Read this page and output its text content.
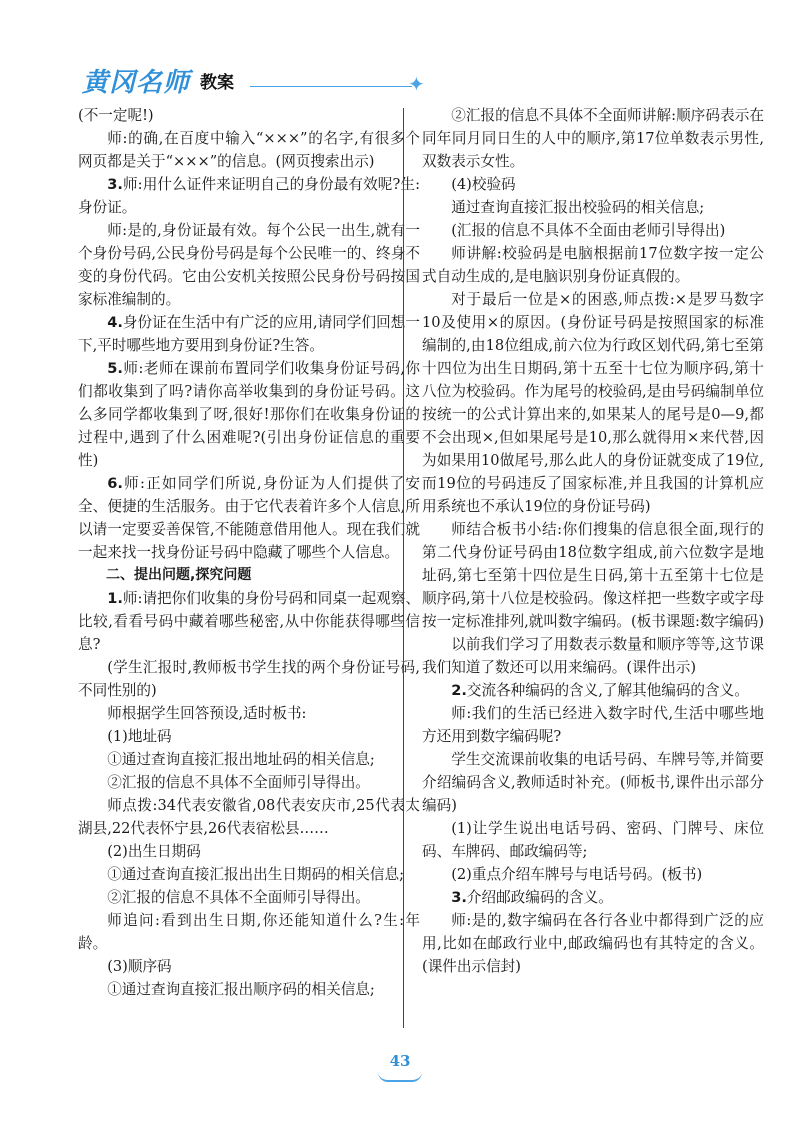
黄冈名师 教案	✦

(不一定呢!)

师:的确,在百度中输入“×××”的名字,有很多个网页都是关于“×××”的信息。(网页搜索出示)

3.师:用什么证件来证明自己的身份最有效呢?生:身份证。

师:是的,身份证最有效。每个公民一出生,就有一个身份号码,公民身份号码是每个公民唯一的、终身不变的身份代码。它由公安机关按照公民身份号码按国家标准编制的。

4.身份证在生活中有广泛的应用,请同学们回想一下,平时哪些地方要用到身份证?生答。

5.师:老师在课前布置同学们收集身份证号码,你们都收集到了吗?请你高举收集到的身份证号码。这么多同学都收集到了呀,很好!那你们在收集身份证的过程中,遇到了什么困难呢?(引出身份证信息的重要性)

6.师:正如同学们所说,身份证为人们提供了安全、便捷的生活服务。由于它代表着许多个人信息,所以请一定要妥善保管,不能随意借用他人。现在我们就一起来找一找身份证号码中隐藏了哪些个人信息。

二、提出问题,探究问题

1.师:请把你们收集的身份号码和同桌一起观察、比较,看看号码中藏着哪些秘密,从中你能获得哪些信息?

(学生汇报时,教师板书学生找的两个身份证号码,不同性别的)

师根据学生回答预设,适时板书:

(1)地址码

①通过查询直接汇报出地址码的相关信息;

②汇报的信息不具体不全面师引导得出。

师点拨:34代表安徽省,08代表安庆市,25代表太湖县,22代表怀宁县,26代表宿松县……

(2)出生日期码

①通过查询直接汇报出出生日期码的相关信息;

②汇报的信息不具体不全面师引导得出。

师追问:看到出生日期,你还能知道什么?生:年龄。

(3)顺序码

①通过查询直接汇报出顺序码的相关信息;

②汇报的信息不具体不全面师讲解:顺序码表示在同年同月同日生的人中的顺序,第17位单数表示男性,双数表示女性。

(4)校验码

通过查询直接汇报出校验码的相关信息;

(汇报的信息不具体不全面由老师引导得出)

师讲解:校验码是电脑根据前17位数字按一定公式自动生成的,是电脑识别身份证真假的。

对于最后一位是×的困惑,师点拨:×是罗马数字10及使用×的原因。(身份证号码是按照国家的标准编制的,由18位组成,前六位为行政区划代码,第七至第十四位为出生日期码,第十五至十七位为顺序码,第十八位为校验码。作为尾号的校验码,是由号码编制单位按统一的公式计算出来的,如果某人的尾号是0—9,都不会出现×,但如果尾号是10,那么就得用×来代替,因为如果用10做尾号,那么此人的身份证就变成了19位,而19位的号码违反了国家标准,并且我国的计算机应用系统也不承认19位的身份证号码)

师结合板书小结:你们搜集的信息很全面,现行的第二代身份证号码由18位数字组成,前六位数字是地址码,第七至第十四位是生日码,第十五至第十七位是顺序码,第十八位是校验码。像这样把一些数字或字母按一定标准排列,就叫数字编码。(板书课题:数字编码)

以前我们学习了用数表示数量和顺序等等,这节课我们知道了数还可以用来编码。(课件出示)

2.交流各种编码的含义,了解其他编码的含义。

师:我们的生活已经进入数字时代,生活中哪些地方还用到数字编码呢?

学生交流课前收集的电话号码、车牌号等,并简要介绍编码含义,教师适时补充。(师板书,课件出示部分编码)

(1)让学生说出电话号码、密码、门牌号、床位码、车牌码、邮政编码等;

(2)重点介绍车牌号与电话号码。(板书)

3.介绍邮政编码的含义。

师:是的,数字编码在各行各业中都得到广泛的应用,比如在邮政行业中,邮政编码也有其特定的含义。(课件出示信封)

43
